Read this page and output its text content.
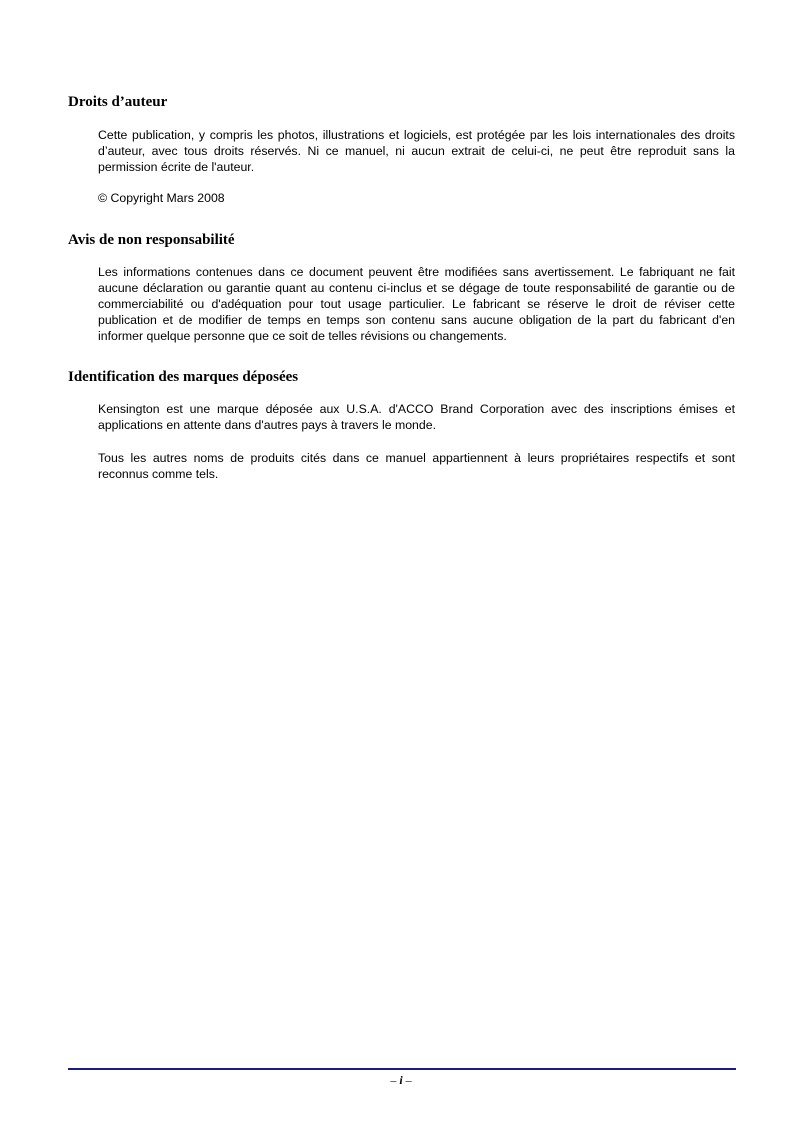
Droits d’auteur

Cette publication, y compris les photos, illustrations et logiciels, est protégée par les lois internationales des droits d’auteur, avec tous droits réservés. Ni ce manuel, ni aucun extrait de celui-ci, ne peut être reproduit sans la permission écrite de l'auteur.

© Copyright Mars 2008

Avis de non responsabilité

Les informations contenues dans ce document peuvent être modifiées sans avertissement. Le fabriquant ne fait aucune déclaration ou garantie quant au contenu ci-inclus et se dégage de toute responsabilité de garantie ou de commerciabilité ou d'adéquation pour tout usage particulier. Le fabricant se réserve le droit de réviser cette publication et de modifier de temps en temps son contenu sans aucune obligation de la part du fabricant d'en informer quelque personne que ce soit de telles révisions ou changements.

Identification des marques déposées

Kensington est une marque déposée aux U.S.A. d'ACCO Brand Corporation avec des inscriptions émises et applications en attente dans d'autres pays à travers le monde.

Tous les autres noms de produits cités dans ce manuel appartiennent à leurs propriétaires respectifs et sont reconnus comme tels.

– i –
